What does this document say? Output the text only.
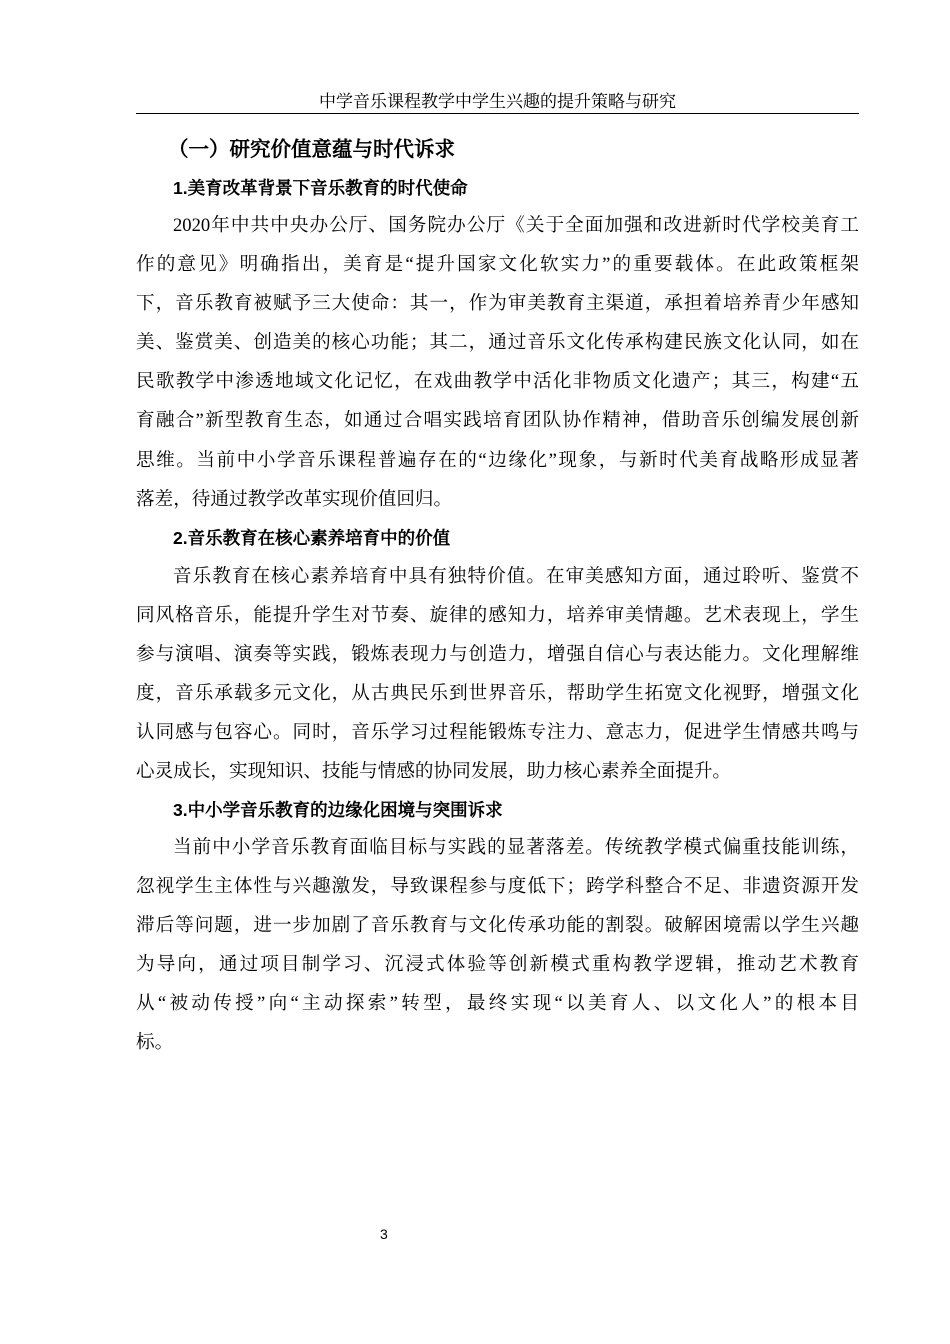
中学音乐课程教学中学生兴趣的提升策略与研究
（一）研究价值意蕴与时代诉求
1.美育改革背景下音乐教育的时代使命
2020年中共中央办公厅、国务院办公厅《关于全面加强和改进新时代学校美育工
作的意见》明确指出，美育是“提升国家文化软实力”的重要载体。在此政策框架
下，音乐教育被赋予三大使命：其一，作为审美教育主渠道，承担着培养青少年感知
美、鉴赏美、创造美的核心功能；其二，通过音乐文化传承构建民族文化认同，如在
民歌教学中渗透地域文化记忆，在戏曲教学中活化非物质文化遗产；其三，构建“五
育融合”新型教育生态，如通过合唱实践培育团队协作精神，借助音乐创编发展创新
思维。当前中小学音乐课程普遍存在的“边缘化”现象，与新时代美育战略形成显著
落差，待通过教学改革实现价值回归。
2.音乐教育在核心素养培育中的价值
音乐教育在核心素养培育中具有独特价值。在审美感知方面，通过聆听、鉴赏不
同风格音乐，能提升学生对节奏、旋律的感知力，培养审美情趣。艺术表现上，学生
参与演唱、演奏等实践，锻炼表现力与创造力，增强自信心与表达能力。文化理解维
度，音乐承载多元文化，从古典民乐到世界音乐，帮助学生拓宽文化视野，增强文化
认同感与包容心。同时，音乐学习过程能锻炼专注力、意志力，促进学生情感共鸣与
心灵成长，实现知识、技能与情感的协同发展，助力核心素养全面提升。
3.中小学音乐教育的边缘化困境与突围诉求
当前中小学音乐教育面临目标与实践的显著落差。传统教学模式偏重技能训练，
忽视学生主体性与兴趣激发，导致课程参与度低下；跨学科整合不足、非遗资源开发
滞后等问题，进一步加剧了音乐教育与文化传承功能的割裂。破解困境需以学生兴趣
为导向，通过项目制学习、沉浸式体验等创新模式重构教学逻辑，推动艺术教育
从“被动传授”向“主动探索”转型，最终实现“以美育人、以文化人”的根本目
标。
3
